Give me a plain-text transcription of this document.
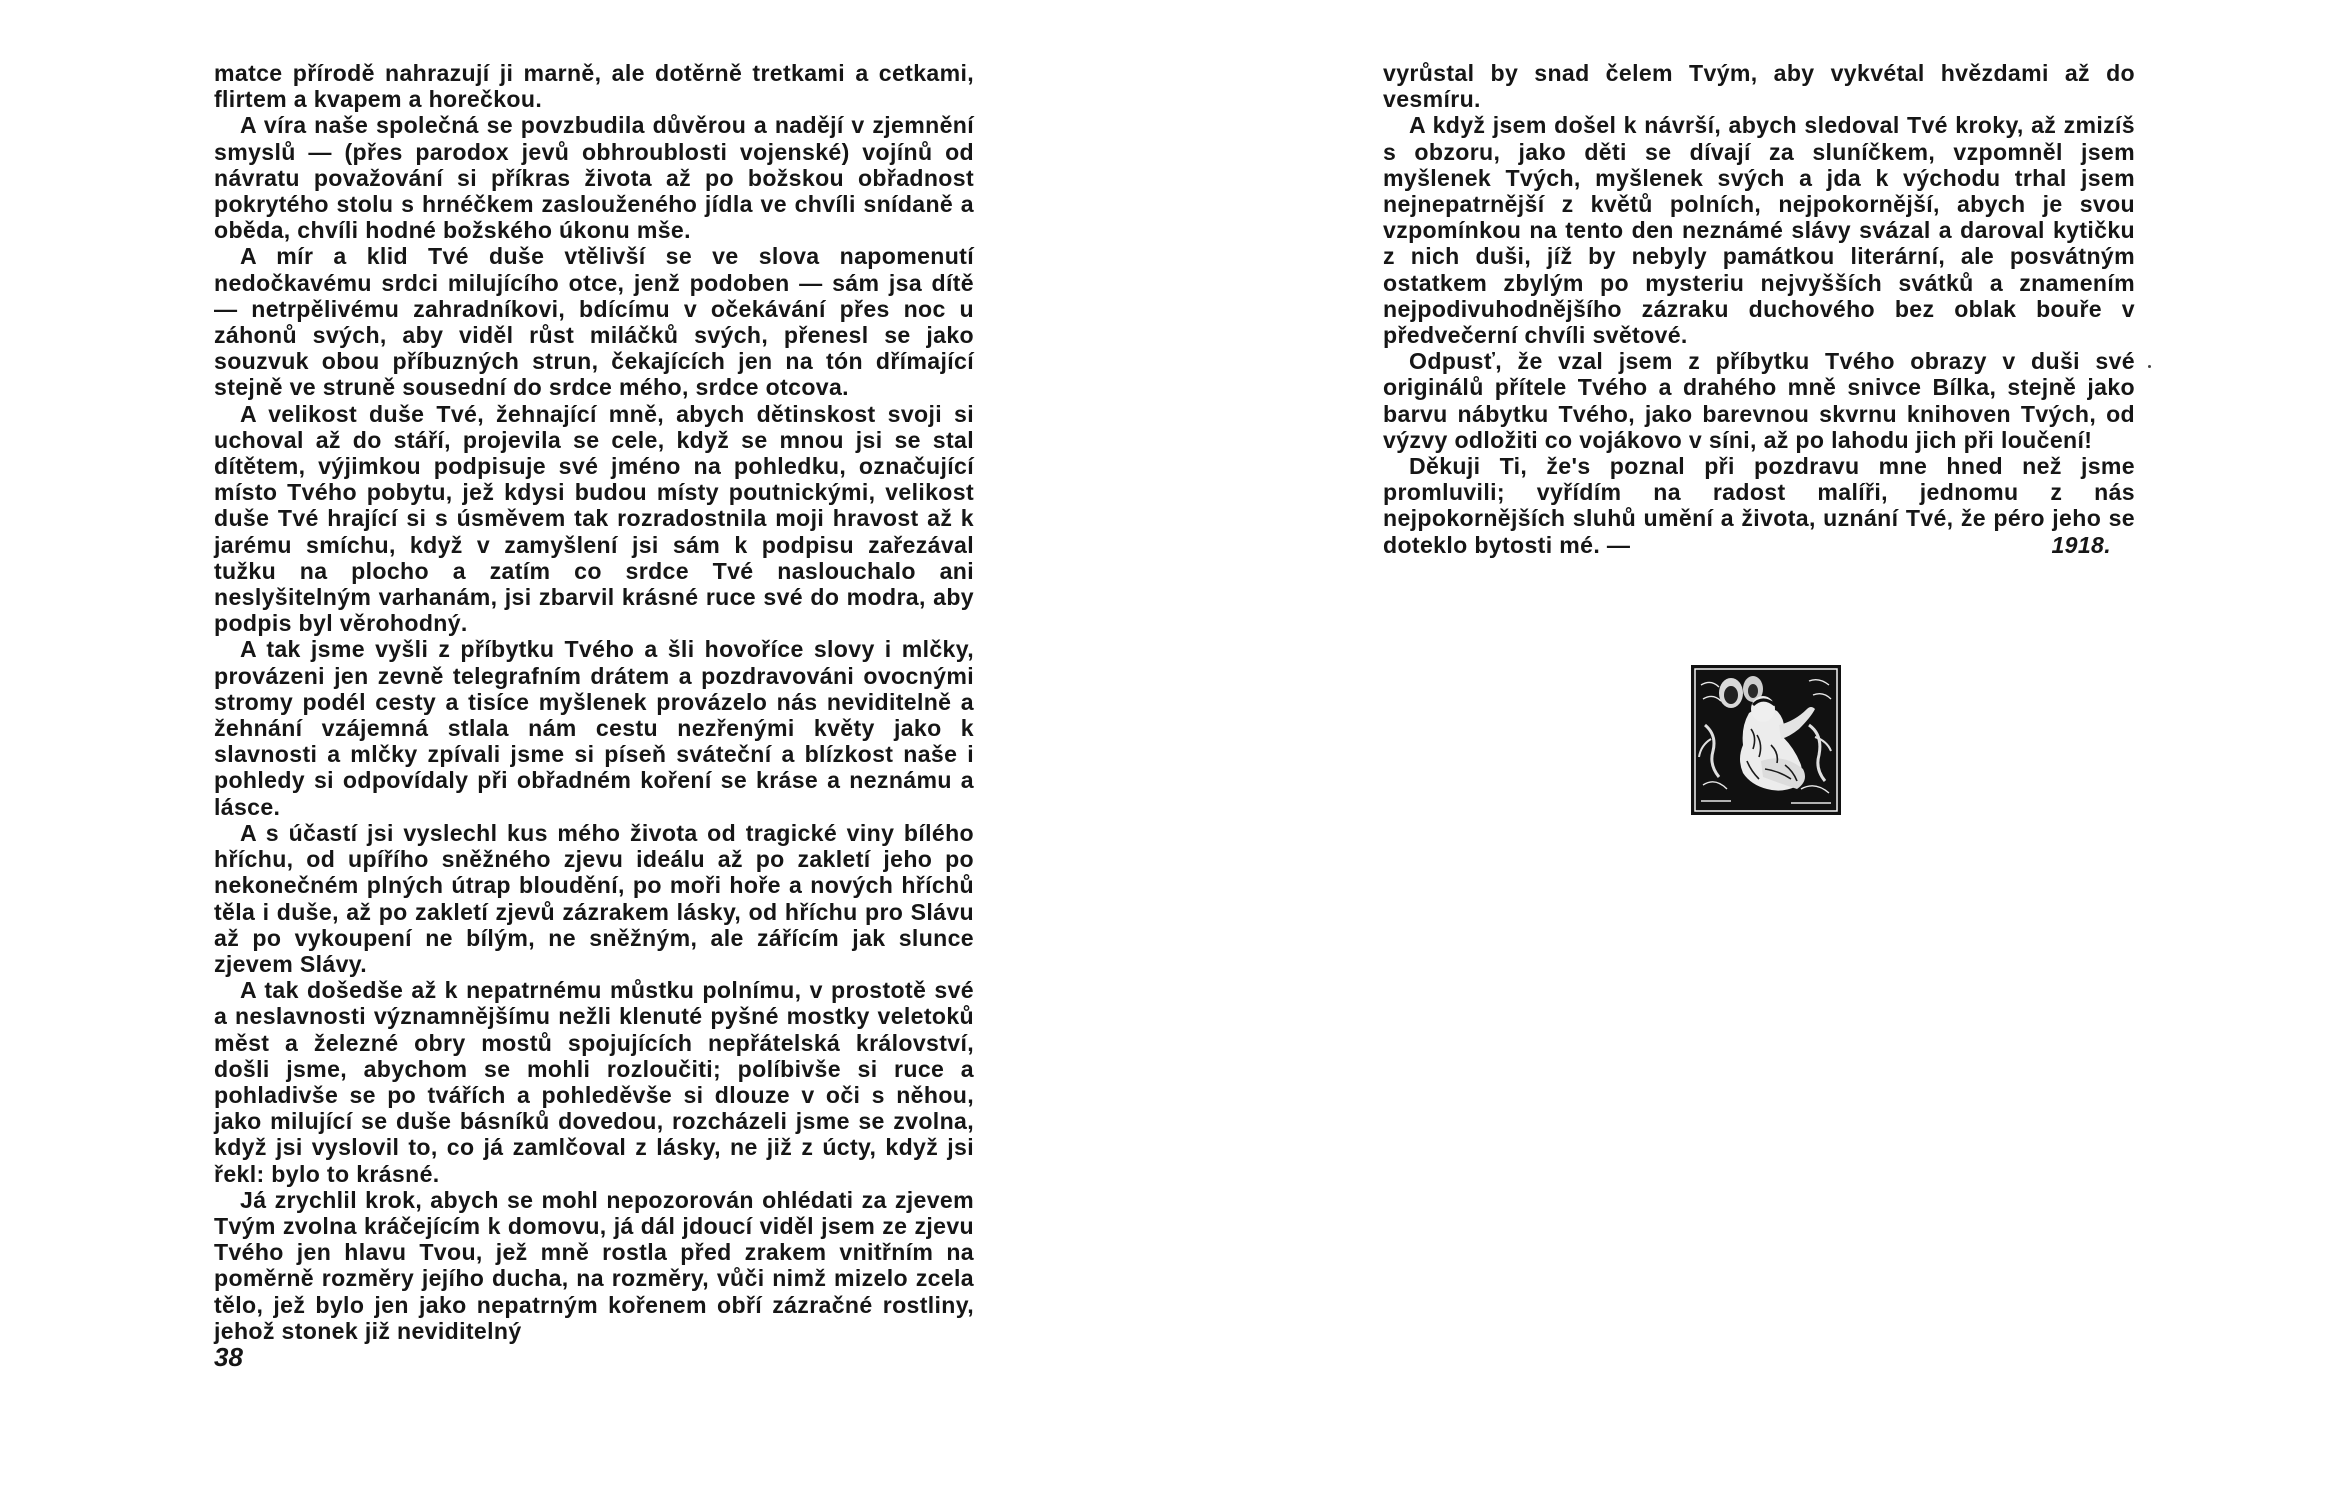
matce přírodě nahrazují ji marně, ale dotěrně tretkami a cetkami, flirtem a kvapem a horečkou.

A víra naše společná se povzbudila důvěrou a nadějí v zjemnění smyslů — (přes parodox jevů obhroublosti vojenské) vojínů od návratu považování si příkras života až po božskou obřadnost pokrytého stolu s hrnéčkem zaslouženého jídla ve chvíli snídaně a oběda, chvíli hodné božského úkonu mše.

A mír a klid Tvé duše vtělivší se ve slova napomenutí nedočkavému srdci milujícího otce, jenž podoben — sám jsa dítě — netrpělivému zahradníkovi, bdícímu v očekávání přes noc u záhonů svých, aby viděl růst miláčků svých, přenesl se jako souzvuk obou příbuzných strun, čekajících jen na tón dřímající stejně ve struně sousední do srdce mého, srdce otcova.

A velikost duše Tvé, žehnající mně, abych dětinskost svoji si uchoval až do stáří, projevila se cele, když se mnou jsi se stal dítětem, výjimkou podpisuje své jméno na pohledku, označující místo Tvého pobytu, jež kdysi budou místy poutnickými, velikost duše Tvé hrající si s úsměvem tak rozradostnila moji hravost až k jarému smíchu, když v zamyšlení jsi sám k podpisu zařezával tužku na plocho a zatím co srdce Tvé naslouchalo ani neslyšitelným varhanám, jsi zbarvil krásné ruce své do modra, aby podpis byl věrohodný.

A tak jsme vyšli z příbytku Tvého a šli hovoříce slovy i mlčky, provázeni jen zevně telegrafním drátem a pozdravováni ovocnými stromy podél cesty a tisíce myšlenek provázelo nás neviditelně a žehnání vzájemná stlala nám cestu nezřenými květy jako k slavnosti a mlčky zpívali jsme si píseň sváteční a blízkost naše i pohledy si odpovídaly při obřadném koření se kráse a neznámu a lásce.

A s účastí jsi vyslechl kus mého života od tragické viny bílého hříchu, od upířího sněžného zjevu ideálu až po zakletí jeho po nekonečném plných útrap bloudění, po moři hoře a nových hříchů těla i duše, až po zakletí zjevů zázrakem lásky, od hříchu pro Slávu až po vykoupení ne bílým, ne sněžným, ale zářícím jak slunce zjevem Slávy.

A tak došedše až k nepatrnému můstku polnímu, v prostotě své a neslavnosti významnějšímu nežli klenuté pyšné mostky veletoků měst a železné obry mostů spojujících nepřátelská království, došli jsme, abychom se mohli rozloučiti; políbivše si ruce a pohladivše se po tvářích a pohleděvše si dlouze v oči s něhou, jako milující se duše básníků dovedou, rozcházeli jsme se zvolna, když jsi vyslovil to, co já zamlčoval z lásky, ne již z úcty, když jsi řekl: bylo to krásné.

Já zrychlil krok, abych se mohl nepozorován ohlédati za zjevem Tvým zvolna kráčejícím k domovu, já dál jdoucí viděl jsem ze zjevu Tvého jen hlavu Tvou, jež mně rostla před zrakem vnitřním na poměrně rozměry jejího ducha, na rozměry, vůči nimž mizelo zcela tělo, jež bylo jen jako nepatrným kořenem obří zázračné rostliny, jehož stonek již neviditelný

38

vyrůstal by snad čelem Tvým, aby vykvétal hvězdami až do vesmíru.

A když jsem došel k návrší, abych sledoval Tvé kroky, až zmizíš s obzoru, jako děti se dívají za sluníčkem, vzpomněl jsem myšlenek Tvých, myšlenek svých a jda k východu trhal jsem nejnepatrnější z květů polních, nejpokornější, abych je svou vzpomínkou na tento den neznámé slávy svázal a daroval kytičku z nich duši, jíž by nebyly památkou literární, ale posvátným ostatkem zbylým po mysteriu nejvyšších svátků a znamením nejpodivuhodnějšího zázraku duchového bez oblak bouře v předvečerní chvíli světové.

Odpusť, že vzal jsem z příbytku Tvého obrazy v duši své originálů přítele Tvého a drahého mně snivce Bílka, stejně jako barvu nábytku Tvého, jako barevnou skvrnu knihoven Tvých, od výzvy odložiti co vojákovo v síni, až po lahodu jich při loučení!

Děkuji Ti, že's poznal při pozdravu mne hned než jsme promluvili; vyřídím na radost malíři, jednomu z nás nejpokornějších sluhů umění a života, uznání Tvé, že péro jeho se doteklo bytosti mé. —	1918.
